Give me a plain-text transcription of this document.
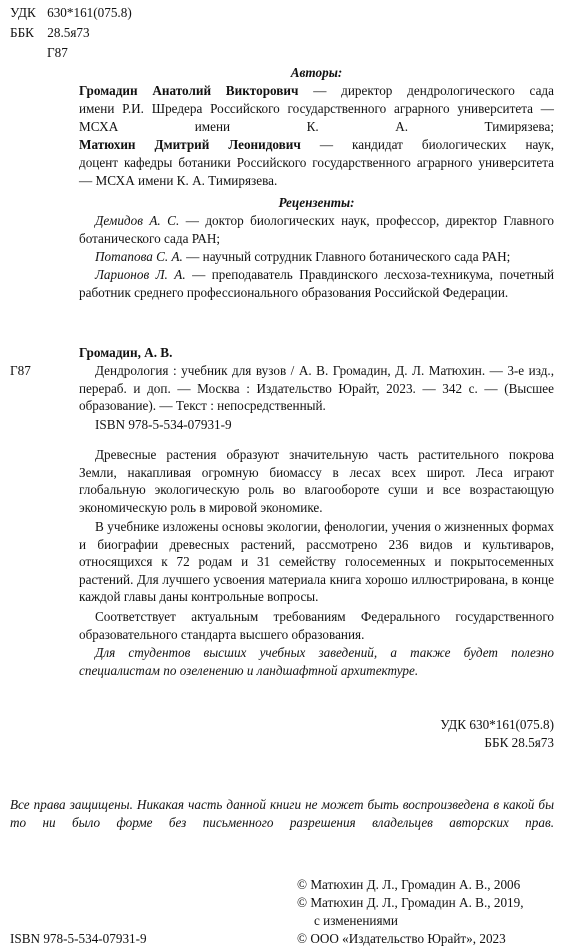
УДК 630*161(075.8)
ББК 28.5я73
Г87
Авторы:
Громадин Анатолий Викторович — директор дендрологического сада
имени Р.И. Шредера Российского государственного аграрного университета — МСХА имени К. А. Тимирязева;
Матюхин Дмитрий Леонидович — кандидат биологических наук,
доцент кафедры ботаники Российского государственного аграрного университета — МСХА имени К. А. Тимирязева.
Рецензенты:
Демидов А. С. — доктор биологических наук, профессор, директор Главного ботанического сада РАН;
Потапова С. А. — научный сотрудник Главного ботанического сада РАН;
Ларионов Л. А. — преподаватель Правдинского лесхоза-техникума, почетный работник среднего профессионального образования Российской Федерации.
Громадин, А. В.
Г87	Дендрология : учебник для вузов / А. В. Громадин, Д. Л. Матюхин. — 3-е изд., перераб. и доп. — Москва : Издательство Юрайт, 2023. — 342 с. — (Высшее образование). — Текст : непосредственный.
ISBN 978-5-534-07931-9
Древесные растения образуют значительную часть растительного покрова Земли, накапливая огромную биомассу в лесах всех широт. Леса играют глобальную экологическую роль во влагообороте суши и все возрастающую экономическую роль в мировой экономике.
В учебнике изложены основы экологии, фенологии, учения о жизненных формах и биографии древесных растений, рассмотрено 236 видов и культиваров, относящихся к 72 родам и 31 семейству голосеменных и покрытосеменных растений. Для лучшего усвоения материала книга хорошо иллюстрирована, в конце каждой главы даны контрольные вопросы.
Соответствует актуальным требованиям Федерального государственного образовательного стандарта высшего образования.
Для студентов высших учебных заведений, а также будет полезно специалистам по озеленению и ландшафтной архитектуре.
УДК 630*161(075.8)
ББК 28.5я73
Все права защищены. Никакая часть данной книги не может быть воспроизведена в какой бы то ни было форме без письменного разрешения владельцев авторских прав.
© Матюхин Д. Л., Громадин А. В., 2006
© Матюхин Д. Л., Громадин А. В., 2019,
с изменениями
ISBN 978-5-534-07931-9	© ООО «Издательство Юрайт», 2023
